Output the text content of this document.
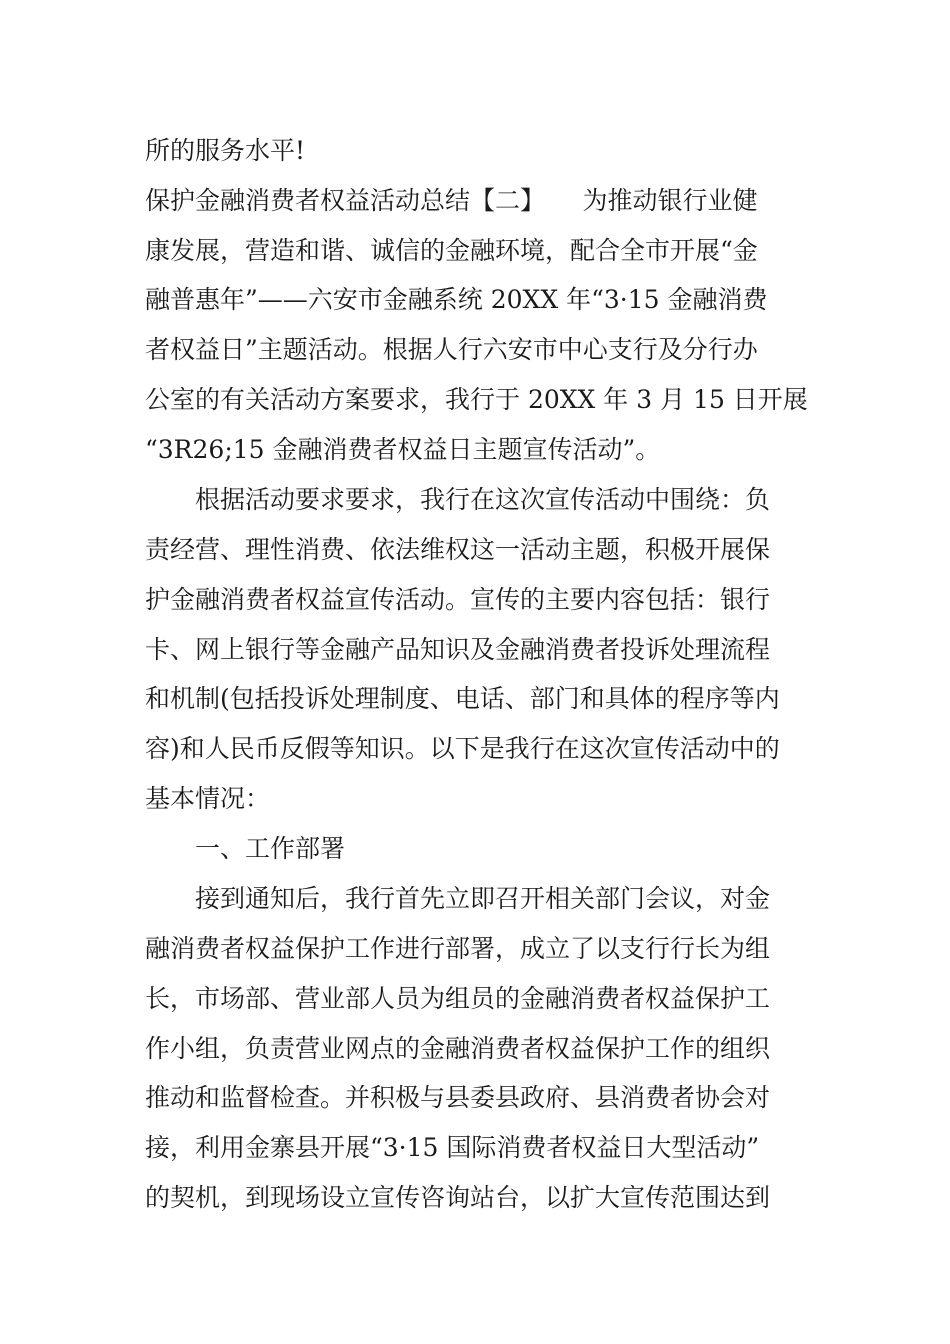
所的服务水平!
保护金融消费者权益活动总结【二】　　为推动银行业健
康发展，营造和谐、诚信的金融环境，配合全市开展“金
融普惠年”——六安市金融系统 20XX 年“3·15 金融消费
者权益日”主题活动。根据人行六安市中心支行及分行办
公室的有关活动方案要求，我行于 20XX 年 3 月 15 日开展
“3R26;15 金融消费者权益日主题宣传活动”。
　　根据活动要求要求，我行在这次宣传活动中围绕：负
责经营、理性消费、依法维权这一活动主题，积极开展保
护金融消费者权益宣传活动。宣传的主要内容包括：银行
卡、网上银行等金融产品知识及金融消费者投诉处理流程
和机制(包括投诉处理制度、电话、部门和具体的程序等内
容)和人民币反假等知识。以下是我行在这次宣传活动中的
基本情况：
　　一、工作部署
　　接到通知后，我行首先立即召开相关部门会议，对金
融消费者权益保护工作进行部署，成立了以支行行长为组
长，市场部、营业部人员为组员的金融消费者权益保护工
作小组，负责营业网点的金融消费者权益保护工作的组织
推动和监督检查。并积极与县委县政府、县消费者协会对
接，利用金寨县开展“3·15 国际消费者权益日大型活动”
的契机，到现场设立宣传咨询站台，以扩大宣传范围达到
